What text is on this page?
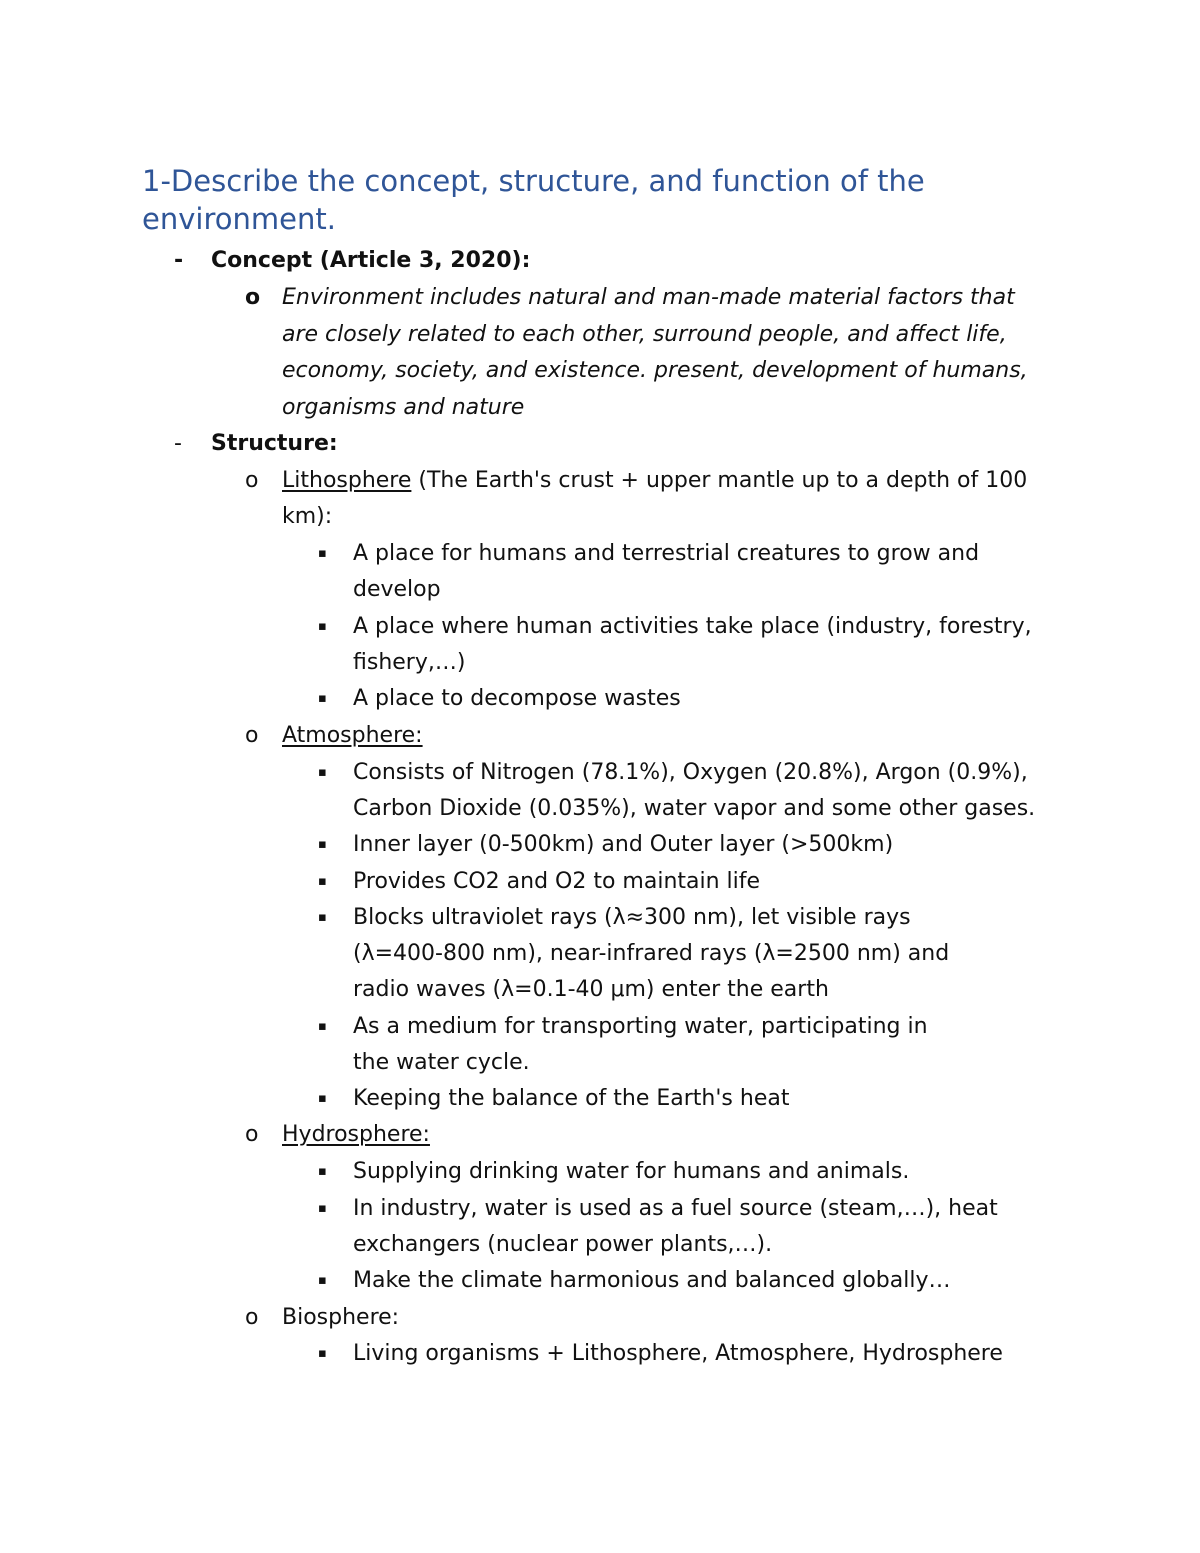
1-Describe the concept, structure, and function of the
environment.
- Concept (Article 3, 2020):

o Environment includes natural and man-made material factors that

are closely related to each other, surround people, and affect life,

economy, society, and existence. present, development of humans,

organisms and nature

- Structure:

o Lithosphere (The Earth's crust + upper mantle up to a depth of 100

km):

▪ A place for humans and terrestrial creatures to grow and

develop

▪ A place where human activities take place (industry, forestry,

fishery,…)

▪ A place to decompose wastes

o Atmosphere:

▪ Consists of Nitrogen (78.1%), Oxygen (20.8%), Argon (0.9%),

Carbon Dioxide (0.035%), water vapor and some other gases.

▪ Inner layer (0-500km) and Outer layer (>500km)

▪ Provides CO2 and O2 to maintain life

▪ Blocks ultraviolet rays (λ≈300 nm), let visible rays

(λ=400-800 nm), near-infrared rays (λ=2500 nm) and

radio waves (λ=0.1-40 μm) enter the earth

▪ As a medium for transporting water, participating in

the water cycle.

▪ Keeping the balance of the Earth's heat

o Hydrosphere:

▪ Supplying drinking water for humans and animals.

▪ In industry, water is used as a fuel source (steam,…), heat

exchangers (nuclear power plants,…).

▪ Make the climate harmonious and balanced globally…

o Biosphere:

▪ Living organisms + Lithosphere, Atmosphere, Hydrosphere
